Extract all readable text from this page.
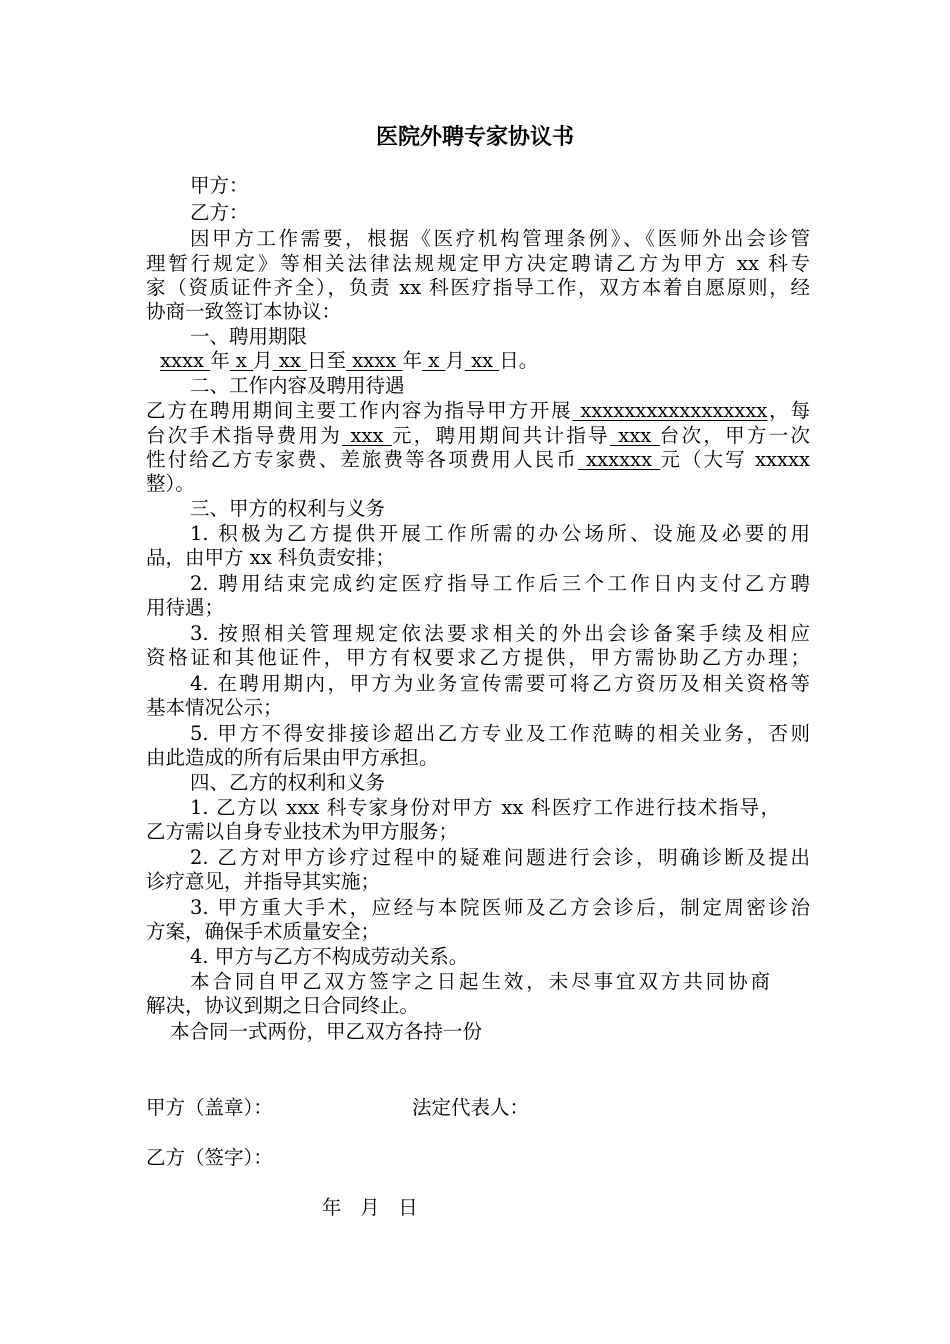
医院外聘专家协议书
甲方：
乙方：
因甲方工作需要，根据《医疗机构管理条例》、《医师外出会诊管
理暂行规定》等相关法律法规规定甲方决定聘请乙方为甲方 xx 科专
家（资质证件齐全），负责 xx 科医疗指导工作，双方本着自愿原则，经
协商一致签订本协议：
一、聘用期限
xxxx 年 x 月 xx 日至 xxxx 年 x 月 xx 日。
二、工作内容及聘用待遇
乙方在聘用期间主要工作内容为指导甲方开展 xxxxxxxxxxxxxxxxx，每
台次手术指导费用为 xxx 元，聘用期间共计指导 xxx 台次，甲方一次
性付给乙方专家费、差旅费等各项费用人民币 xxxxxx 元（大写 xxxxx
整）。
三、甲方的权利与义务
1. 积极为乙方提供开展工作所需的办公场所、设施及必要的用
品，由甲方 xx 科负责安排；
2. 聘用结束完成约定医疗指导工作后三个工作日内支付乙方聘
用待遇；
3. 按照相关管理规定依法要求相关的外出会诊备案手续及相应
资格证和其他证件，甲方有权要求乙方提供，甲方需协助乙方办理；
4. 在聘用期内，甲方为业务宣传需要可将乙方资历及相关资格等
基本情况公示；
5. 甲方不得安排接诊超出乙方专业及工作范畴的相关业务，否则
由此造成的所有后果由甲方承担。
四、乙方的权利和义务
1. 乙方以 xxx 科专家身份对甲方 xx 科医疗工作进行技术指导，
乙方需以自身专业技术为甲方服务；
2. 乙方对甲方诊疗过程中的疑难问题进行会诊，明确诊断及提出
诊疗意见，并指导其实施；
3. 甲方重大手术，应经与本院医师及乙方会诊后，制定周密诊治
方案，确保手术质量安全；
4. 甲方与乙方不构成劳动关系。
本合同自甲乙双方签字之日起生效，未尽事宜双方共同协商
解决，协议到期之日合同终止。
本合同一式两份，甲乙双方各持一份
甲方（盖章）：	法定代表人：
乙方（签字）：
年   月   日
